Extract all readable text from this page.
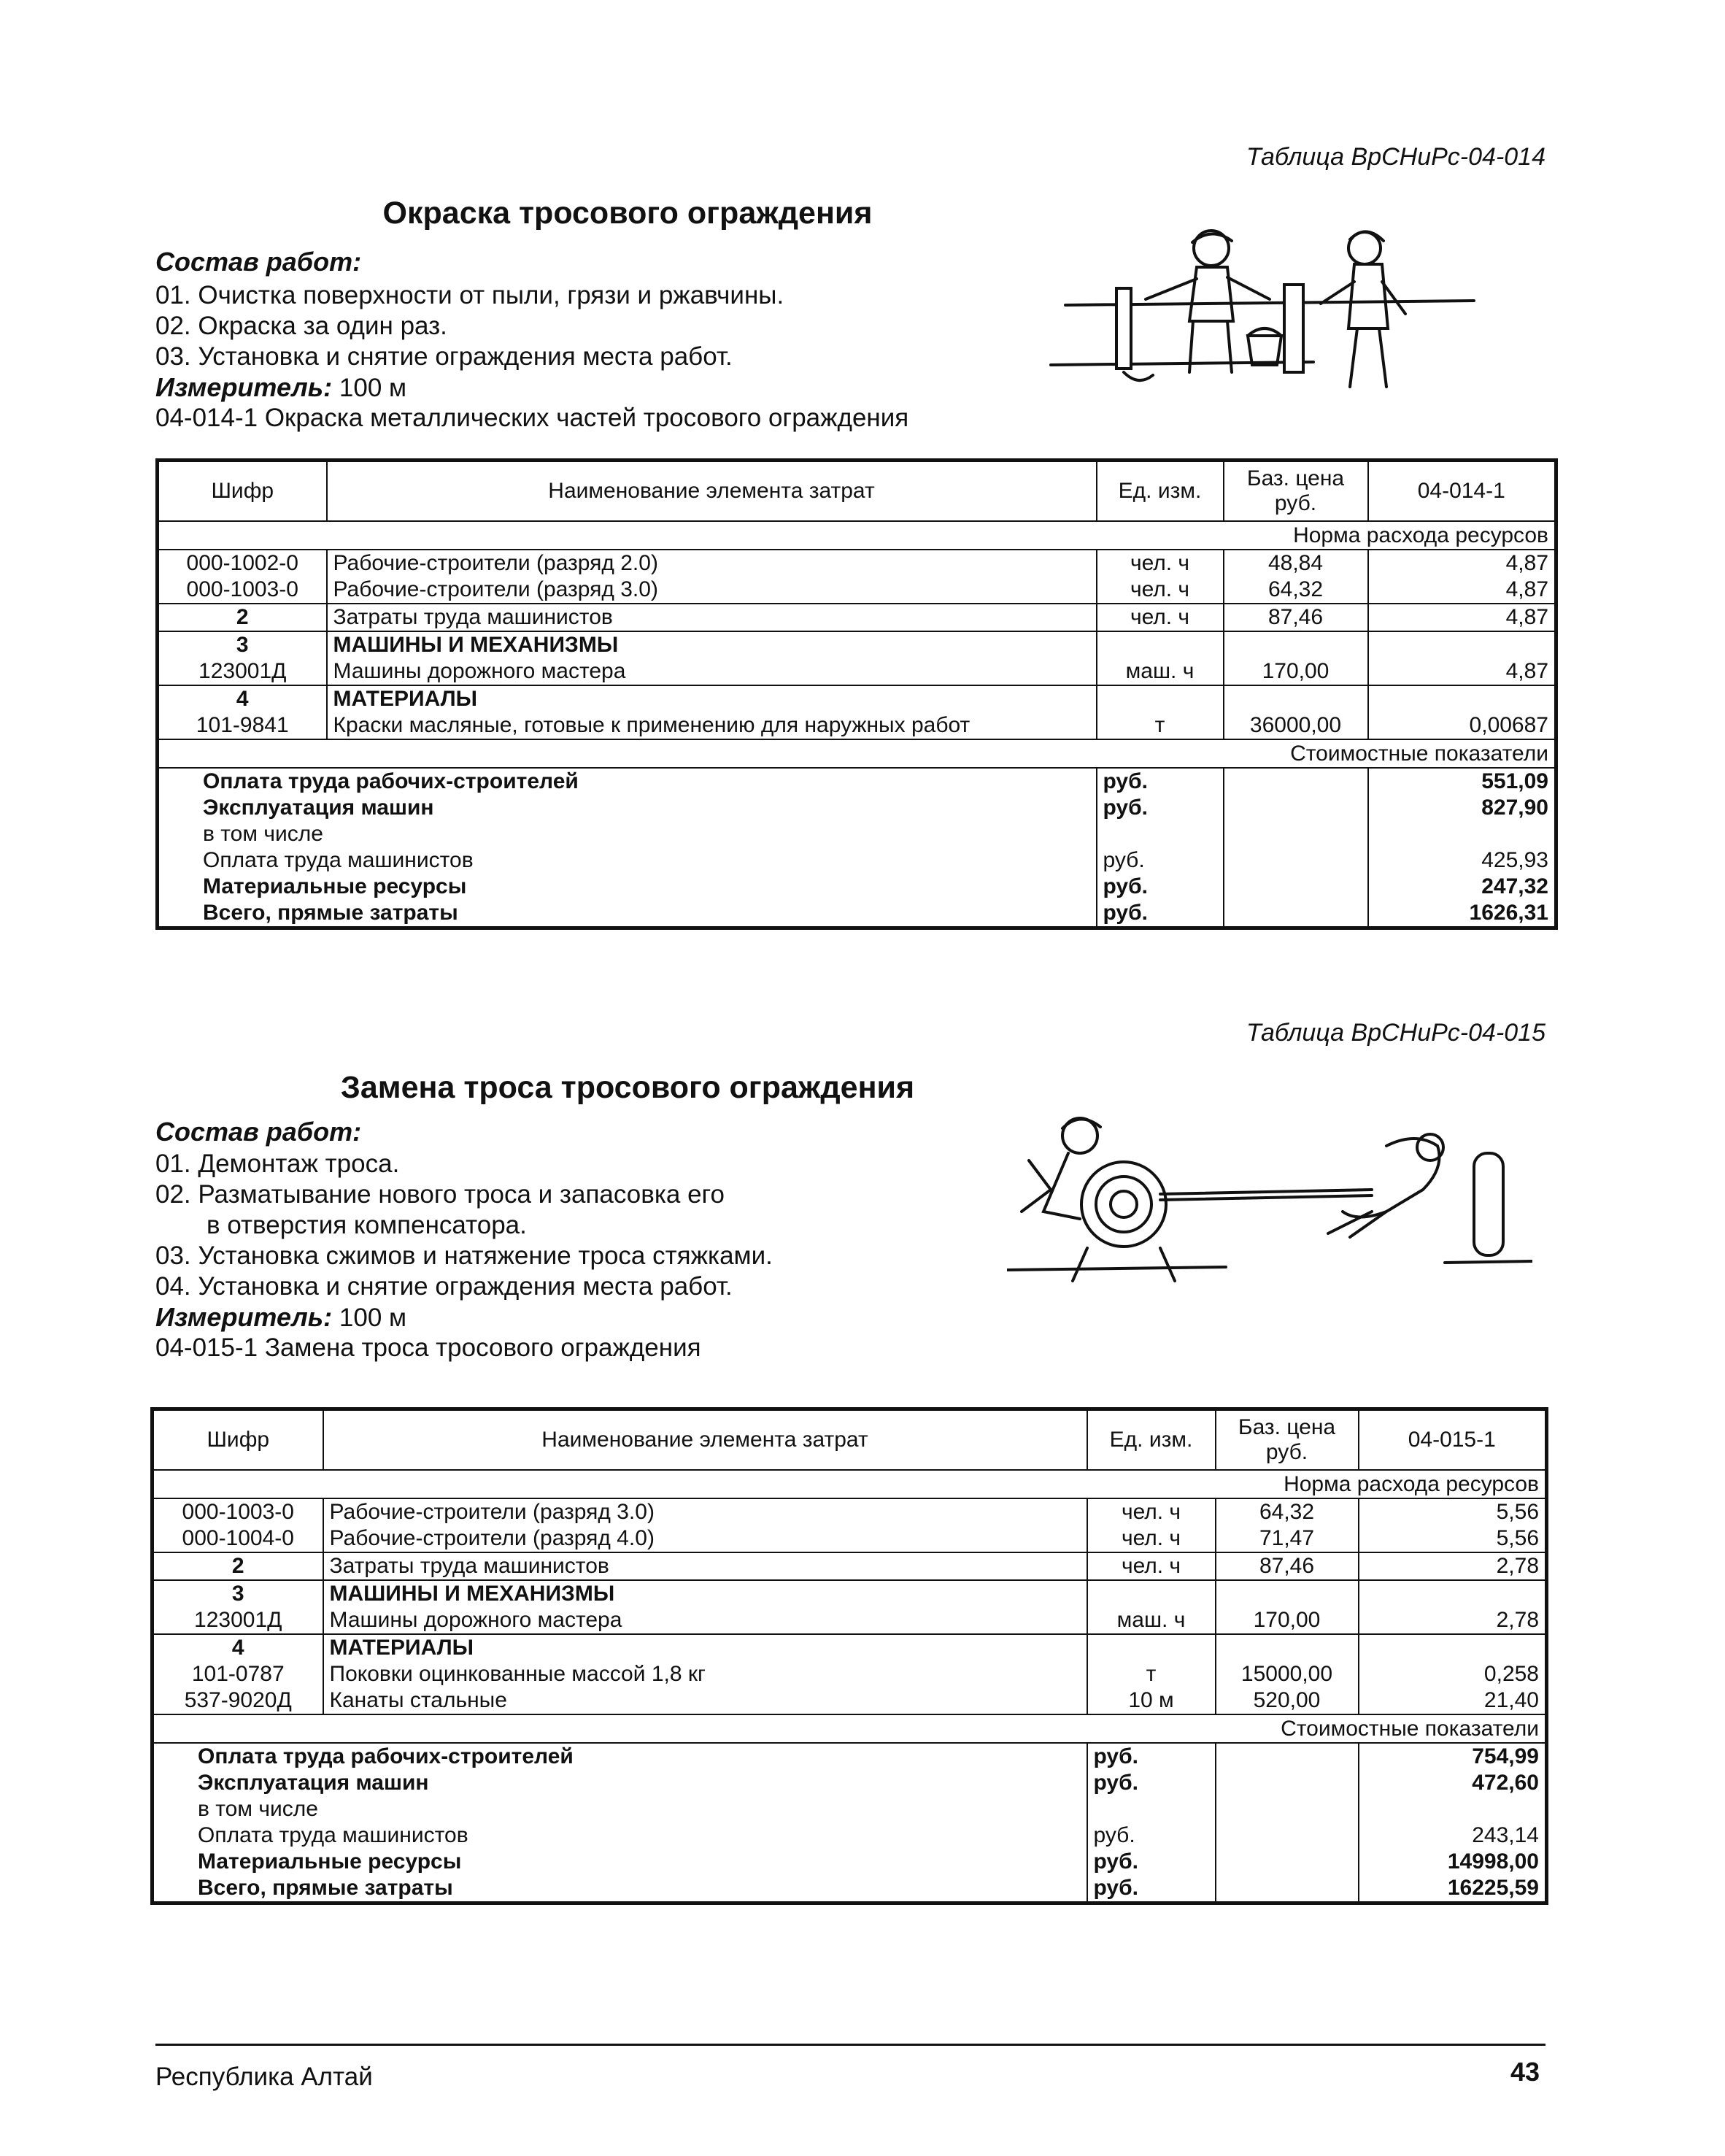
Таблица ВрСНиРс-04-014
Окраска тросового ограждения
Состав работ:
01. Очистка поверхности от пыли, грязи и ржавчины.
02. Окраска за один раз.
03. Установка и снятие ограждения места работ.
Измеритель: 100 м
04-014-1 Окраска металлических частей тросового ограждения
Шифр	Наименование элемента затрат	Ед. изм.	Баз. цена руб.	04-014-1
Норма расхода ресурсов				
000-1002-0	Рабочие-строители (разряд 2.0)	чел. ч	48,84	4,87
000-1003-0	Рабочие-строители (разряд 3.0)	чел. ч	64,32	4,87
2	Затраты труда машинистов	чел. ч	87,46	4,87
3	МАШИНЫ И МЕХАНИЗМЫ			
123001Д	Машины дорожного мастера	маш. ч	170,00	4,87
4	МАТЕРИАЛЫ			
101-9841	Краски масляные, готовые к применению для наружных работ	т	36000,00	0,00687
Стоимостные показатели				
Оплата труда рабочих-строителей		руб.		551,09
Эксплуатация машин		руб.		827,90
в том числе				
Оплата труда машинистов		руб.		425,93
Материальные ресурсы		руб.		247,32
Всего, прямые затраты		руб.		1626,31
Таблица ВрСНиРс-04-015
Замена троса тросового ограждения
Состав работ:
01. Демонтаж троса.
02. Разматывание нового троса и запасовка его
в отверстия компенсатора.
03. Установка сжимов и натяжение троса стяжками.
04. Установка и снятие ограждения места работ.
Измеритель: 100 м
04-015-1 Замена троса тросового ограждения
Шифр	Наименование элемента затрат	Ед. изм.	Баз. цена руб.	04-015-1
Норма расхода ресурсов				
000-1003-0	Рабочие-строители (разряд 3.0)	чел. ч	64,32	5,56
000-1004-0	Рабочие-строители (разряд 4.0)	чел. ч	71,47	5,56
2	Затраты труда машинистов	чел. ч	87,46	2,78
3	МАШИНЫ И МЕХАНИЗМЫ			
123001Д	Машины дорожного мастера	маш. ч	170,00	2,78
4	МАТЕРИАЛЫ			
101-0787	Поковки оцинкованные массой 1,8 кг	т	15000,00	0,258
537-9020Д	Канаты стальные	10 м	520,00	21,40
Стоимостные показатели				
Оплата труда рабочих-строителей		руб.		754,99
Эксплуатация машин		руб.		472,60
в том числе				
Оплата труда машинистов		руб.		243,14
Материальные ресурсы		руб.		14998,00
Всего, прямые затраты		руб.		16225,59
Республика Алтай	43
